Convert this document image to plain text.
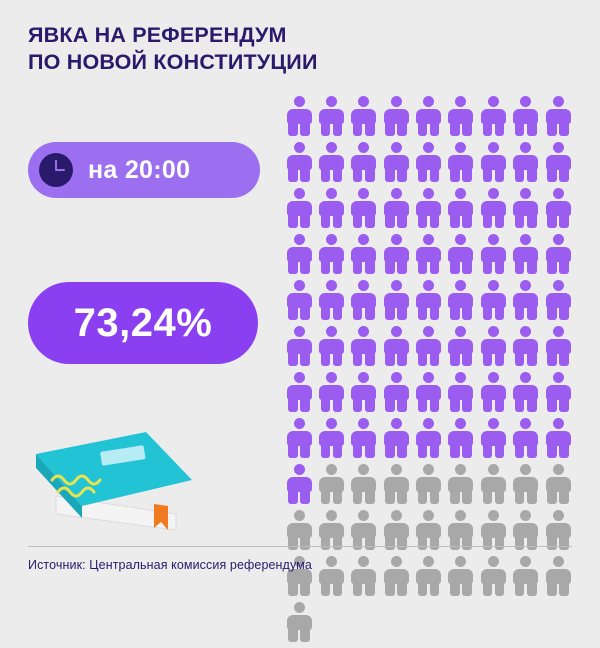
ЯВКА НА РЕФЕРЕНДУМ
ПО НОВОЙ КОНСТИТУЦИИ
на 20:00
73,24%
Источник: Центральная комиссия референдума
